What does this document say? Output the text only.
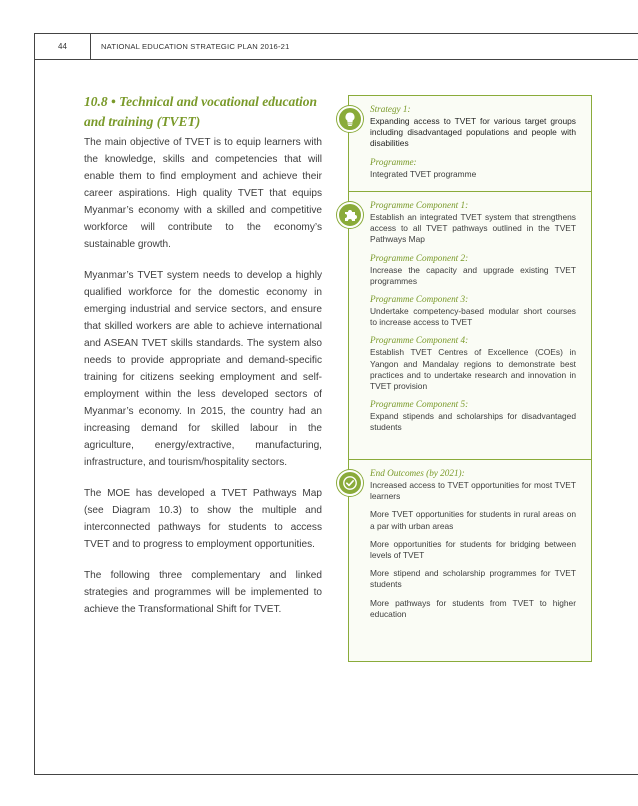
44	NATIONAL EDUCATION STRATEGIC PLAN 2016-21
10.8 • Technical and vocational education and training (TVET)

The main objective of TVET is to equip learners with the knowledge, skills and competencies that will enable them to find employment and achieve their career aspirations. High quality TVET that equips Myanmar’s economy with a skilled and competitive workforce will contribute to the economy’s sustainable growth.

Myanmar’s TVET system needs to develop a highly qualified workforce for the domestic economy in emerging industrial and service sectors, and ensure that skilled workers are able to achieve international and ASEAN TVET skills standards. The system also needs to provide appropriate and demand-specific training for citizens seeking employment and self-employment within the less developed sectors of Myanmar’s economy. In 2015, the country had an increasing demand for skilled labour in the agriculture, energy/extractive, manufacturing, infrastructure, and tourism/hospitality sectors.

The MOE has developed a TVET Pathways Map (see Diagram 10.3) to show the multiple and interconnected pathways for students to access TVET and to progress to employment opportunities.

The following three complementary and linked strategies and programmes will be implemented to achieve the Transformational Shift for TVET.

Strategy 1:

Expanding access to TVET for various target groups including disadvantaged populations and people with disabilities

Programme:

Integrated TVET programme

Programme Component 1:

Establish an integrated TVET system that strengthens access to all TVET pathways outlined in the TVET Pathways Map

Programme Component 2:

Increase the capacity and upgrade existing TVET programmes

Programme Component 3:

Undertake competency-based modular short courses to increase access to TVET

Programme Component 4:

Establish TVET Centres of Excellence (COEs) in Yangon and Mandalay regions to demonstrate best practices and to undertake research and innovation in TVET provision

Programme Component 5:

Expand stipends and scholarships for disadvantaged students

End Outcomes (by 2021):

Increased access to TVET opportunities for most TVET learners

More TVET opportunities for students in rural areas on a par with urban areas

More opportunities for students for bridging between levels of TVET

More stipend and scholarship programmes for TVET students

More pathways for students from TVET to higher education
